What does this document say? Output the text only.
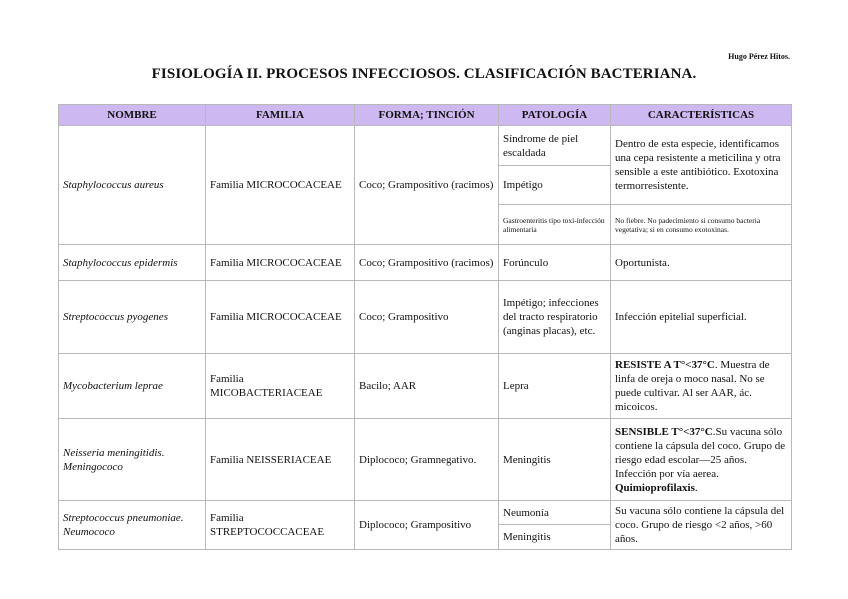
Hugo Pérez Hitos.
FISIOLOGÍA II. PROCESOS INFECCIOSOS. CLASIFICACIÓN BACTERIANA.
NOMBRE	FAMILIA	FORMA; TINCIÓN	PATOLOGÍA	CARACTERÍSTICAS
Staphylococcus aureus	Familia MICROCOCACEAE	Coco; Grampositivo (racimos)	Síndrome de piel escaldada	Dentro de esta especie, identificamos una cepa resistente a meticilina y otra sensible a este antibiótico. Exotoxina termorresistente.
			Impétigo	
			Gastroenteritis tipo toxi-infección alimentaria	No fiebre. No padecimiento si consumo bacteria vegetativa; si en consumo exotoxinas.
Staphylococcus epidermis	Familia MICROCOCACEAE	Coco; Grampositivo (racimos)	Forúnculo	Oportunista.
Streptococcus pyogenes	Familia MICROCOCACEAE	Coco; Grampositivo	Impétigo; infecciones del tracto respiratorio (anginas placas), etc.	Infección epitelial superficial.
Mycobacterium leprae	Familia MICOBACTERIACEAE	Bacilo; AAR	Lepra	RESISTE A T°<37°C. Muestra de linfa de oreja o moco nasal. No se puede cultivar. Al ser AAR, ác. micoicos.
Neisseria meningitidis. Meningococo	Familia NEISSERIACEAE	Diplococo; Gramnegativo.	Meningitis	SENSIBLE T°<37°C.Su vacuna sólo contiene la cápsula del coco. Grupo de riesgo edad escolar—25 años. Infección por vía aerea. Quimioprofilaxis.
Streptococcus pneumoniae. Neumococo	Familia STREPTOCOCCACEAE	Diplococo; Grampositivo	Neumonía	Su vacuna sólo contiene la cápsula del coco. Grupo de riesgo <2 años, >60 años.
			Meningitis	
